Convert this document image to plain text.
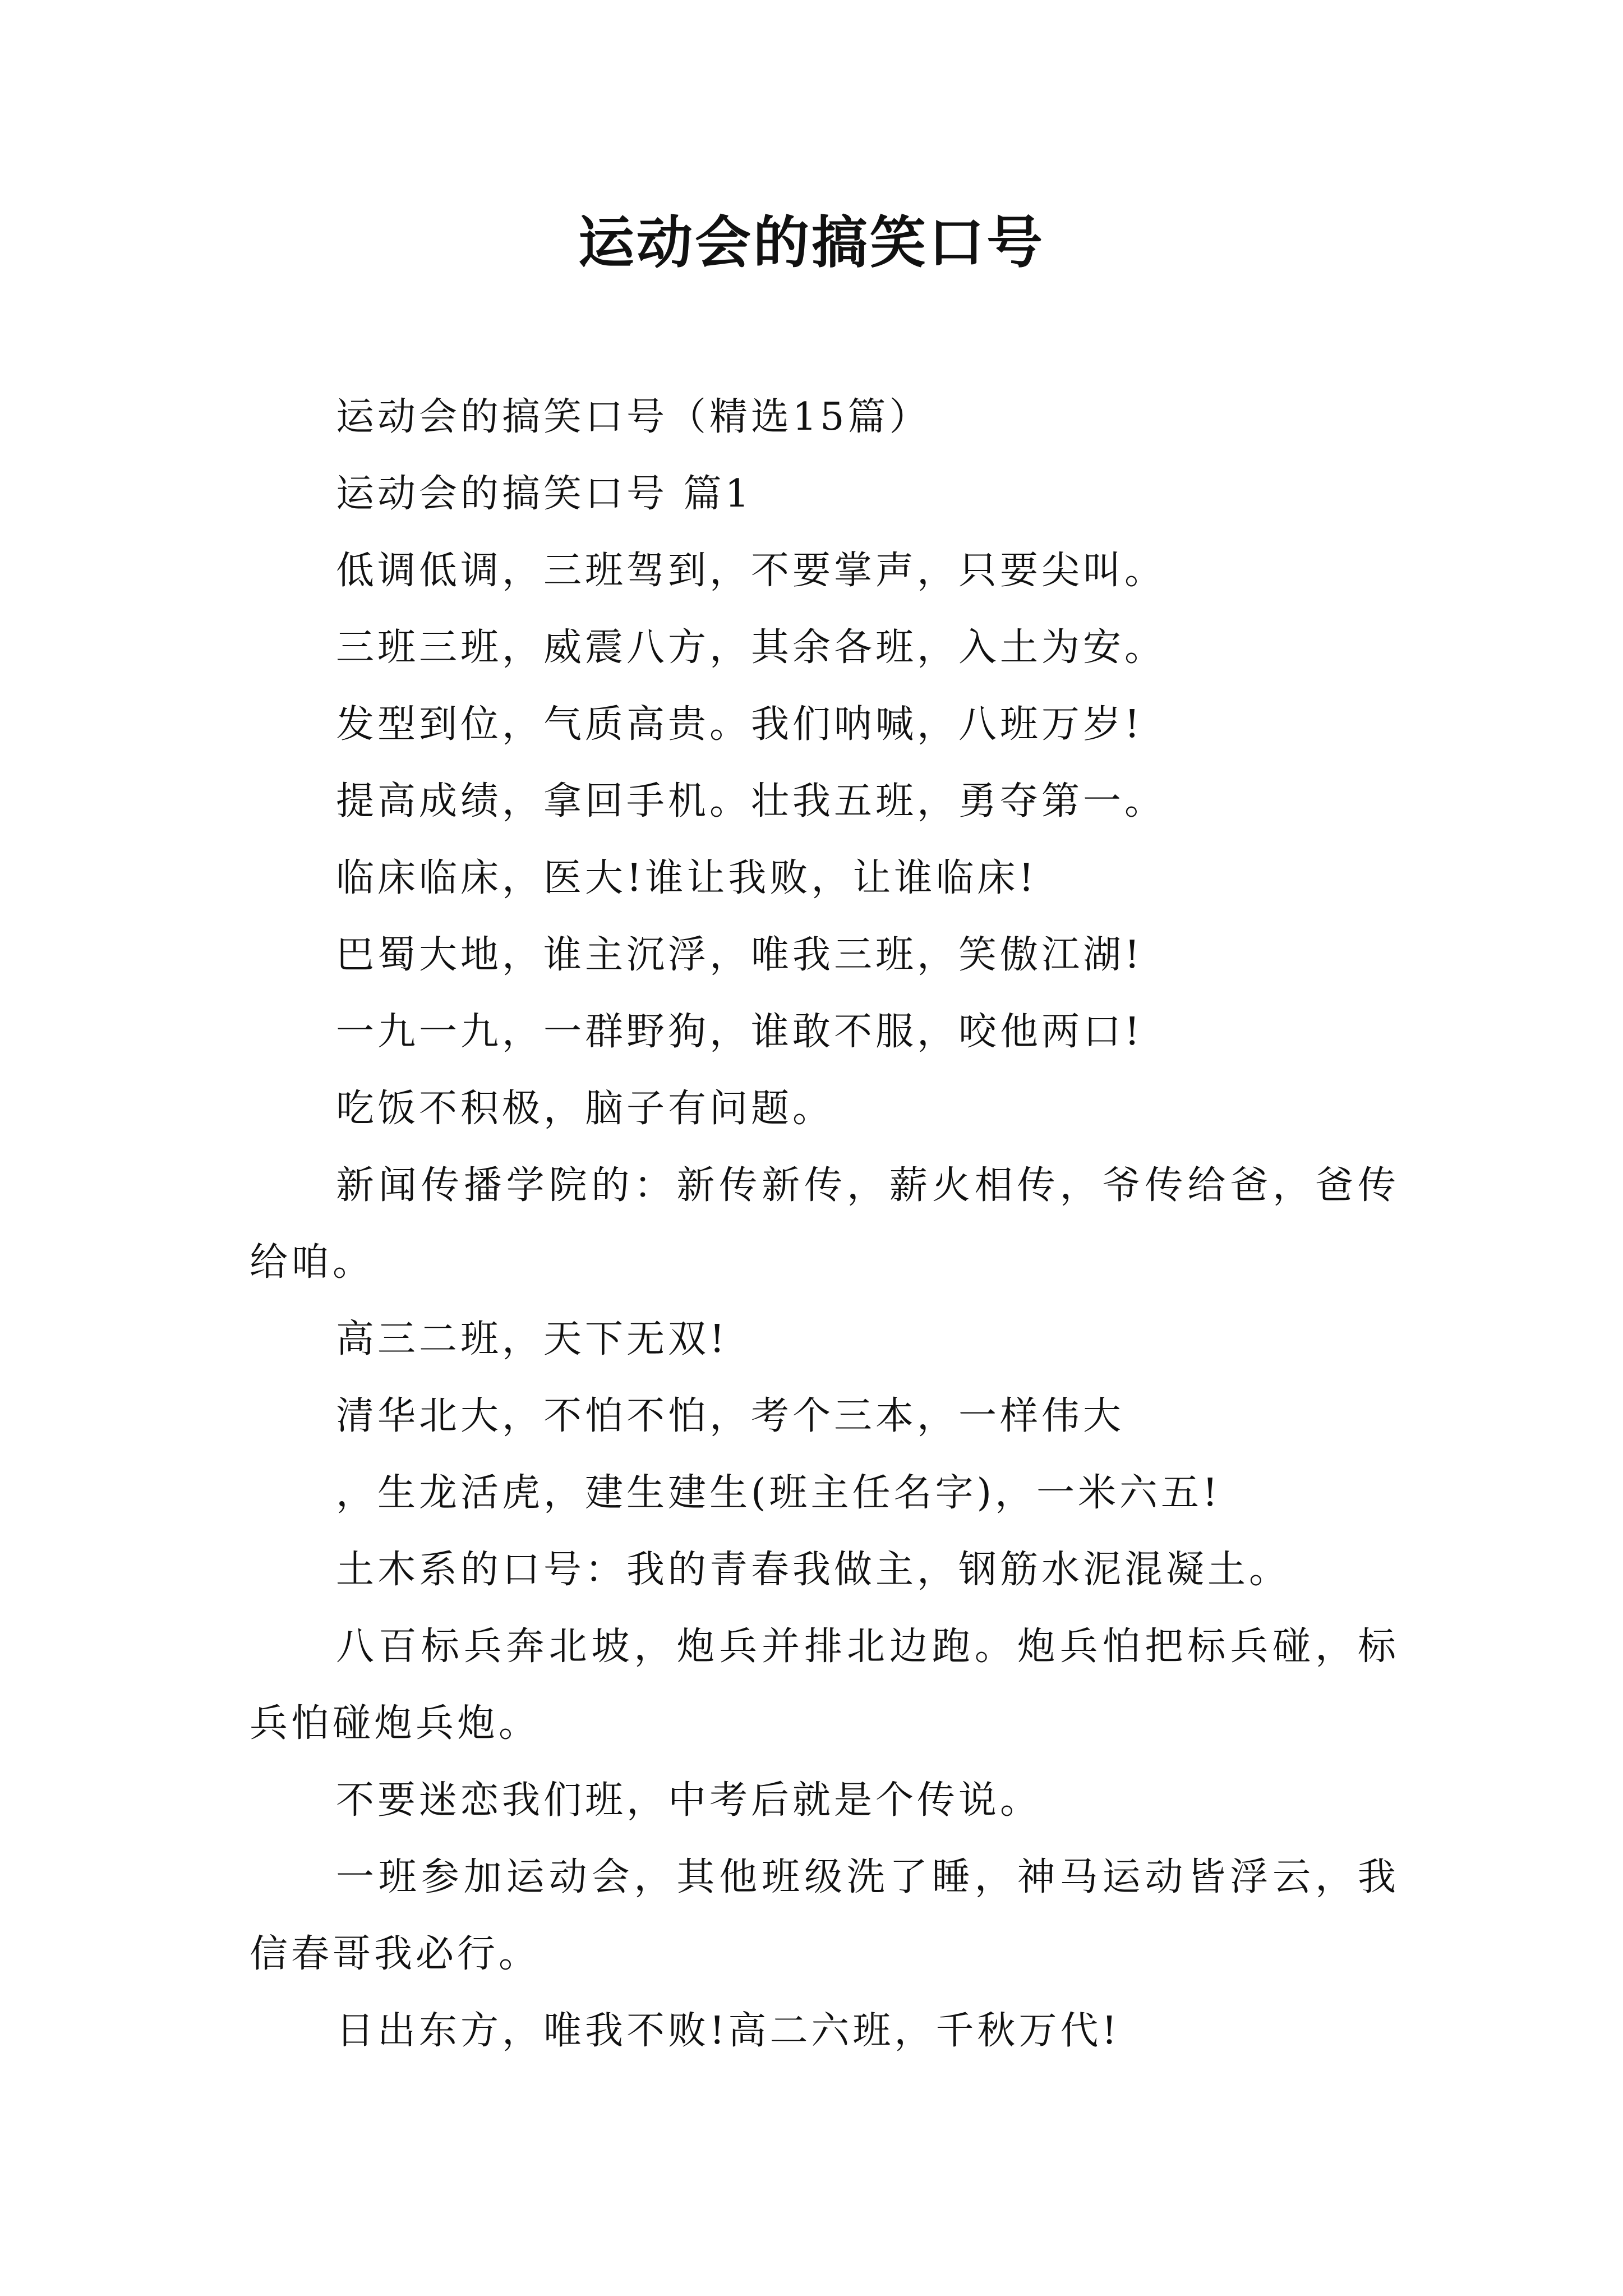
运动会的搞笑口号

运动会的搞笑口号（精选15篇）

运动会的搞笑口号 篇1

低调低调，三班驾到，不要掌声，只要尖叫。

三班三班，威震八方，其余各班，入土为安。

发型到位，气质高贵。我们呐喊，八班万岁!

提高成绩，拿回手机。壮我五班，勇夺第一。

临床临床，医大!谁让我败，让谁临床!

巴蜀大地，谁主沉浮，唯我三班，笑傲江湖!

一九一九，一群野狗，谁敢不服，咬他两口!

吃饭不积极，脑子有问题。

新闻传播学院的：新传新传，薪火相传，爷传给爸，爸传给咱。

高三二班，天下无双!

清华北大，不怕不怕，考个三本，一样伟大

，生龙活虎，建生建生(班主任名字)，一米六五!

土木系的口号：我的青春我做主，钢筋水泥混凝土。

八百标兵奔北坡，炮兵并排北边跑。炮兵怕把标兵碰，标兵怕碰炮兵炮。

不要迷恋我们班，中考后就是个传说。

一班参加运动会，其他班级洗了睡，神马运动皆浮云，我信春哥我必行。

日出东方，唯我不败!高二六班，千秋万代!
